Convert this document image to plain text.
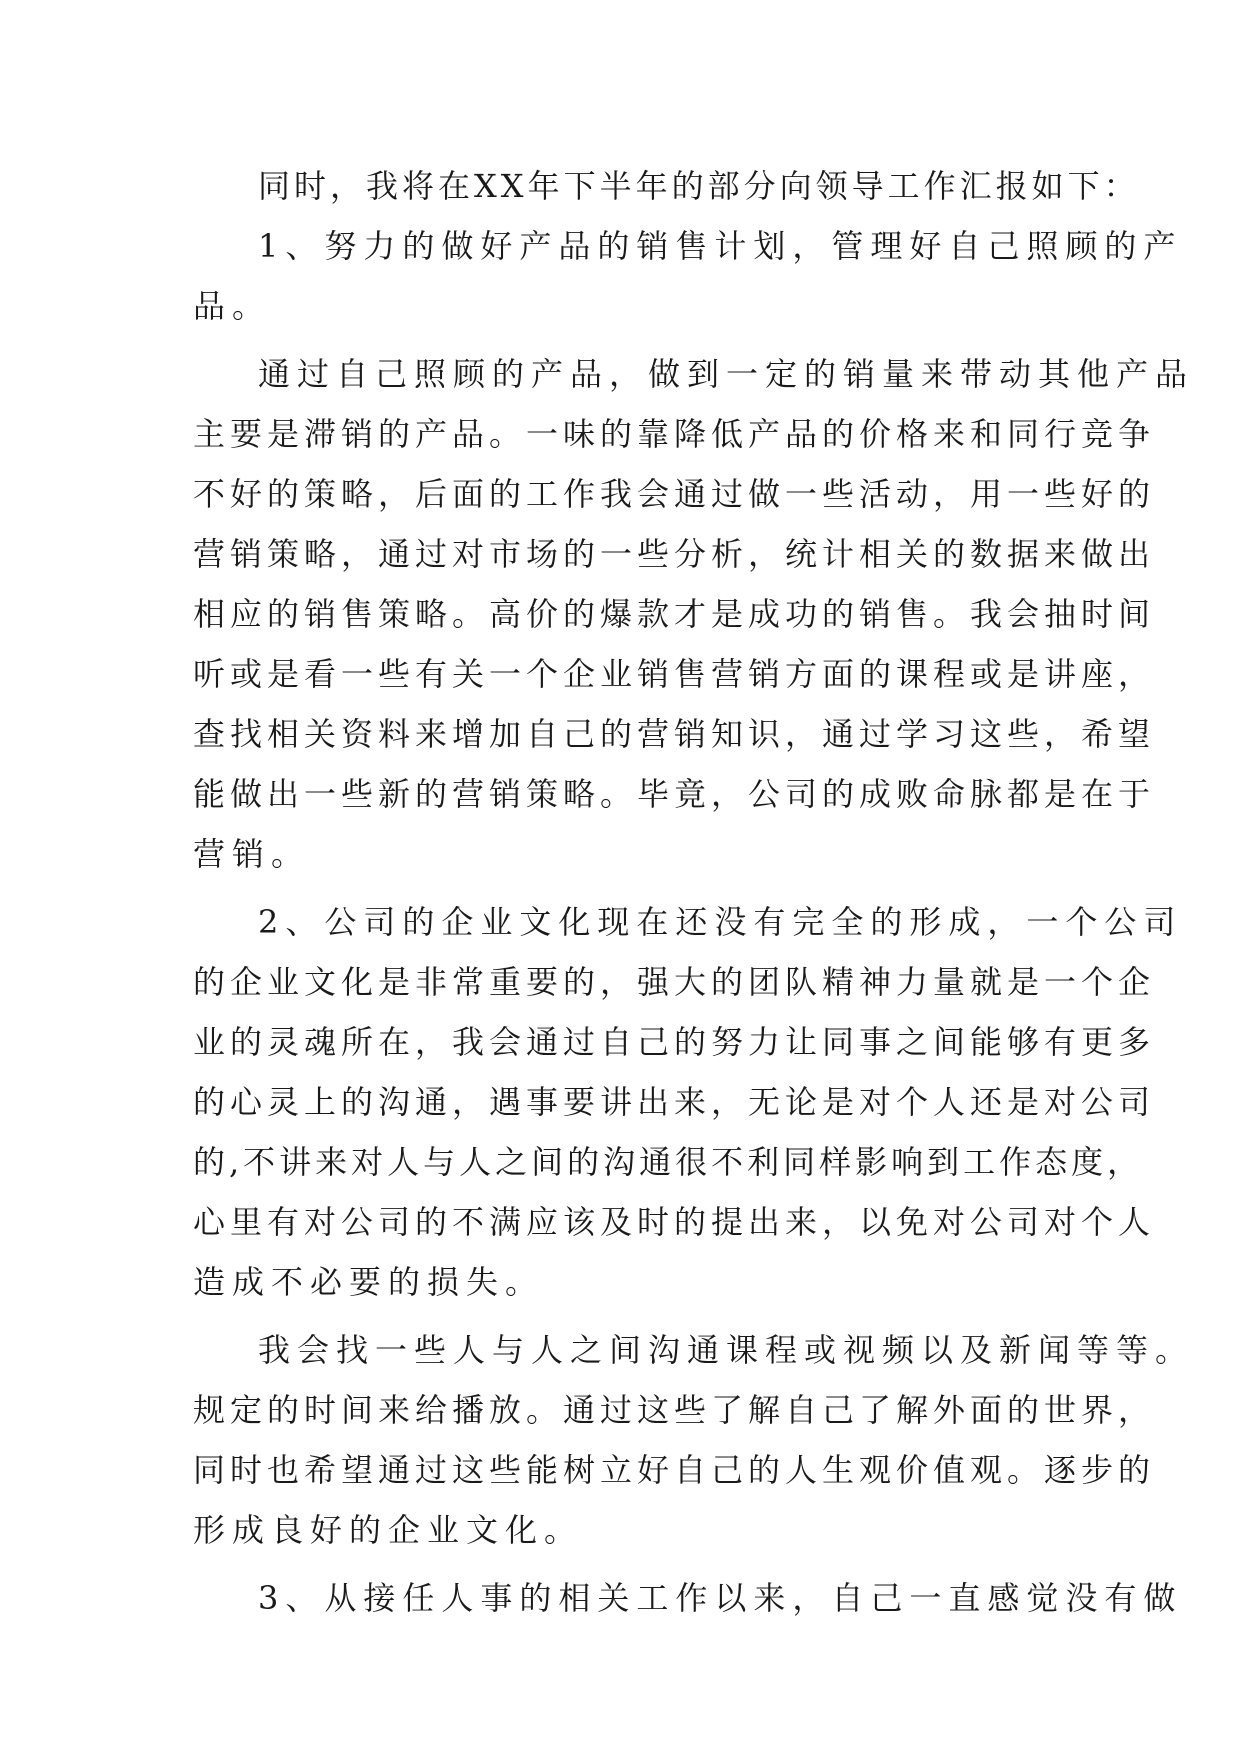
同时，我将在XX年下半年的部分向领导工作汇报如下：
1、努力的做好产品的销售计划，管理好自己照顾的产
品。
通过自己照顾的产品，做到一定的销量来带动其他产品
主要是滞销的产品。一味的靠降低产品的价格来和同行竞争
不好的策略，后面的工作我会通过做一些活动，用一些好的
营销策略，通过对市场的一些分析，统计相关的数据来做出
相应的销售策略。高价的爆款才是成功的销售。我会抽时间
听或是看一些有关一个企业销售营销方面的课程或是讲座，
查找相关资料来增加自己的营销知识，通过学习这些，希望
能做出一些新的营销策略。毕竟，公司的成败命脉都是在于
营销。
2、公司的企业文化现在还没有完全的形成，一个公司
的企业文化是非常重要的，强大的团队精神力量就是一个企
业的灵魂所在，我会通过自己的努力让同事之间能够有更多
的心灵上的沟通，遇事要讲出来，无论是对个人还是对公司
的,不讲来对人与人之间的沟通很不利同样影响到工作态度，
心里有对公司的不满应该及时的提出来，以免对公司对个人
造成不必要的损失。
我会找一些人与人之间沟通课程或视频以及新闻等等。
规定的时间来给播放。通过这些了解自己了解外面的世界，
同时也希望通过这些能树立好自己的人生观价值观。逐步的
形成良好的企业文化。
3、从接任人事的相关工作以来，自己一直感觉没有做
